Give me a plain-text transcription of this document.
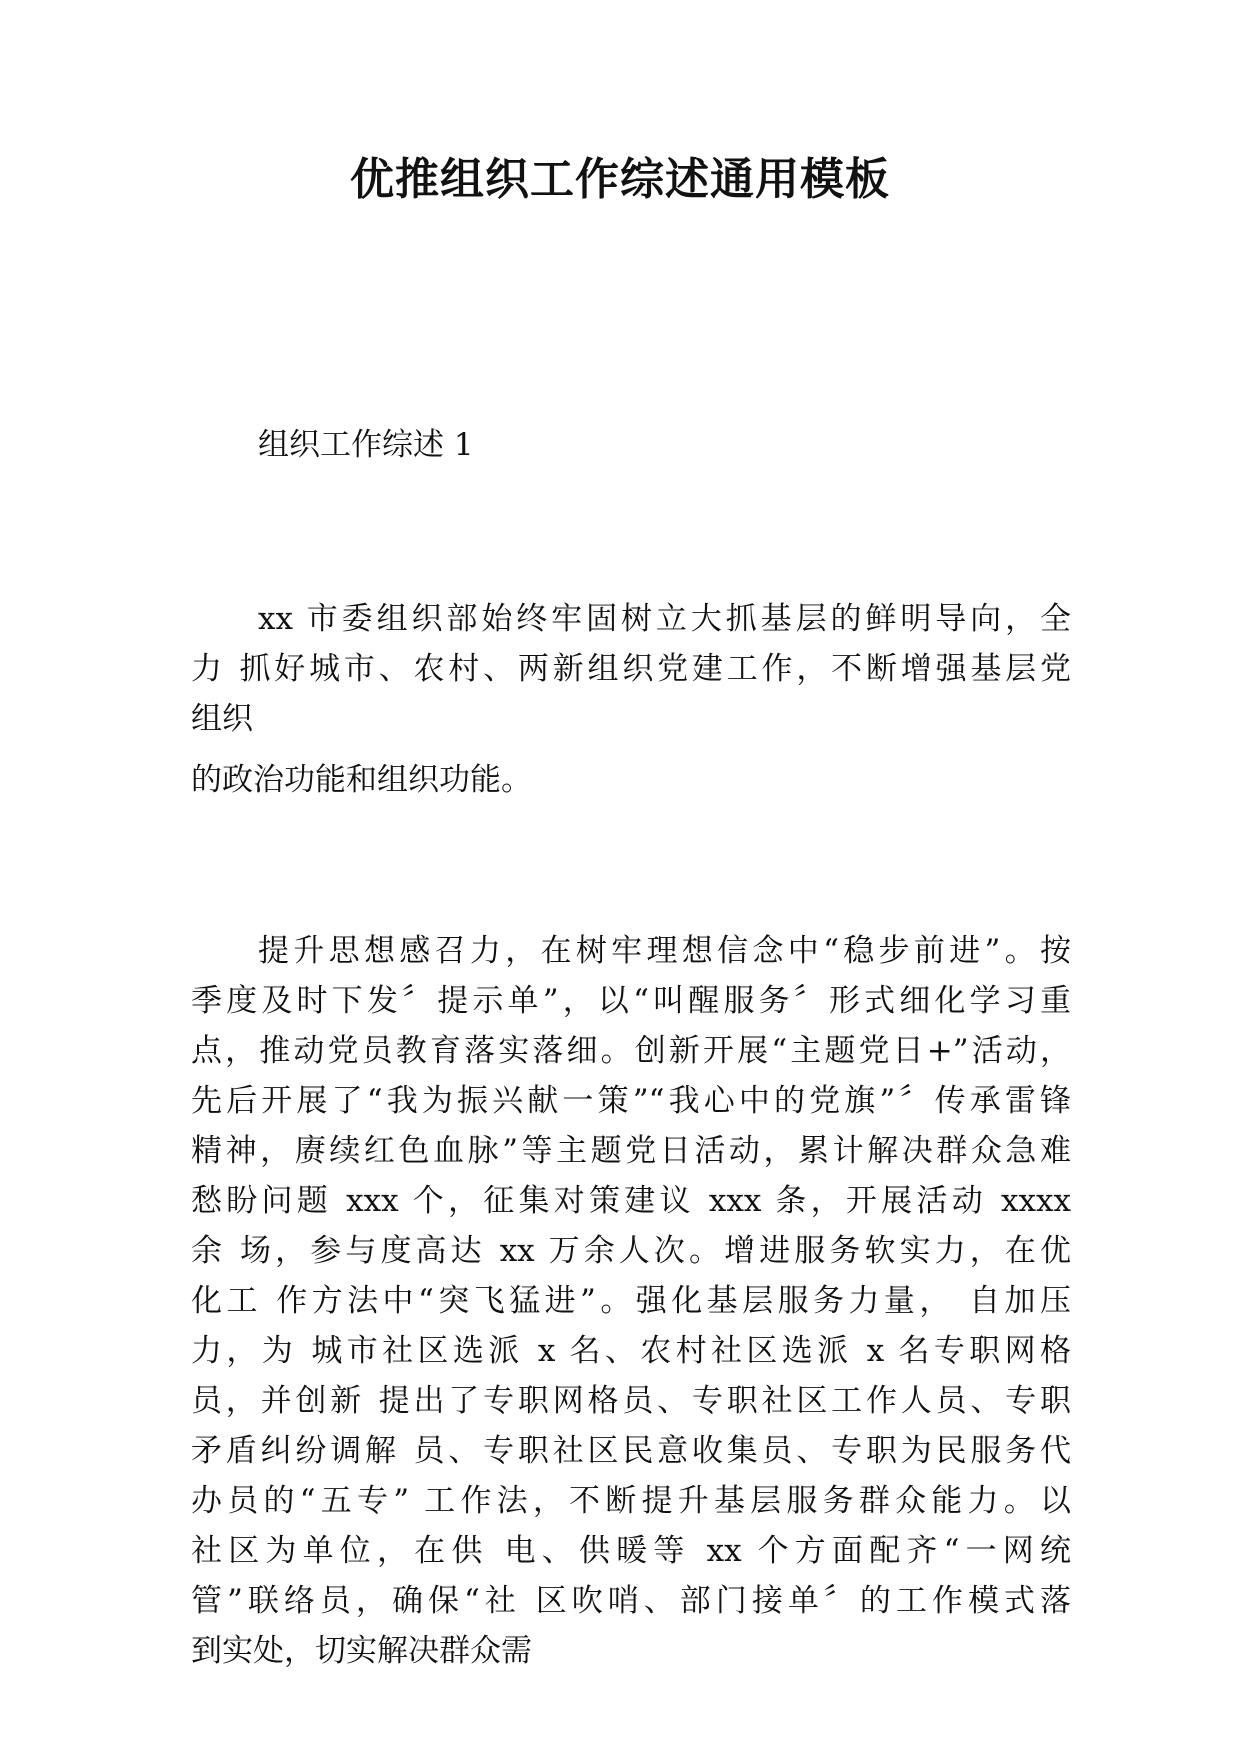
优推组织工作综述通用模板
组织工作综述 1
xx 市委组织部始终牢固树立大抓基层的鲜明导向，全
力 抓好城市、农村、两新组织党建工作，不断增强基层党
组织
的政治功能和组织功能。
提升思想感召力，在树牢理想信念中“稳步前进”。按
季度及时下发〞提示单”，以“叫醒服务〞形式细化学习重
点，推动党员教育落实落细。创新开展“主题党日+”活动，
先后开展了“我为振兴献一策”“我心中的党旗”〞传承雷锋
精神，赓续红色血脉”等主题党日活动，累计解决群众急难
愁盼问题 xxx 个，征集对策建议 xxx 条，开展活动 xxxx
余 场，参与度高达 xx 万余人次。增进服务软实力，在优
化工 作方法中“突飞猛进”。强化基层服务力量， 自加压
力，为 城市社区选派 x 名、农村社区选派 x 名专职网格
员，并创新 提出了专职网格员、专职社区工作人员、专职
矛盾纠纷调解 员、专职社区民意收集员、专职为民服务代
办员的“五专” 工作法，不断提升基层服务群众能力。以
社区为单位，在供 电、供暖等 xx 个方面配齐“一网统
管”联络员，确保“社 区吹哨、部门接单〞的工作模式落
到实处，切实解决群众需
